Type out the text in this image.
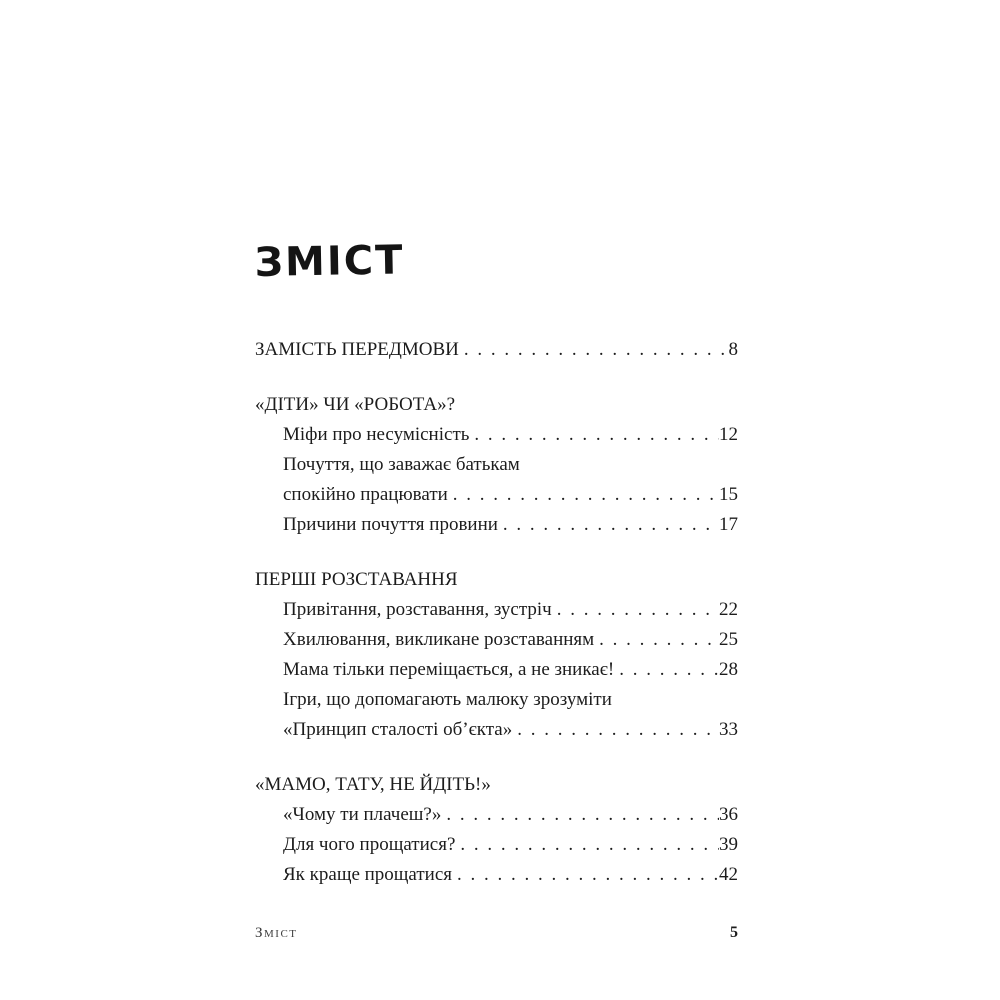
ЗМІСТ
ЗАМІСТЬ ПЕРЕДМОВИ . . .	8
«ДІТИ» ЧИ «РОБОТА»?
Міфи про несумісність . . .	12
Почуття, що заважає батькам
спокійно працювати . . .	15
Причини почуття провини . . .	17
ПЕРШІ РОЗСТАВАННЯ
Привітання, розставання, зустріч . . .	22
Хвилювання, викликане розставанням . . .	25
Мама тільки переміщається, а не зникає! . . .	28
Ігри, що допомагають малюку зрозуміти
«Принцип сталості об’єкта» . . .	33
«МАМО, ТАТУ, НЕ ЙДІТЬ!»
«Чому ти плачеш?» . . .	36
Для чого прощатися? . . .	39
Як краще прощатися . . .	42
Зміст	5
